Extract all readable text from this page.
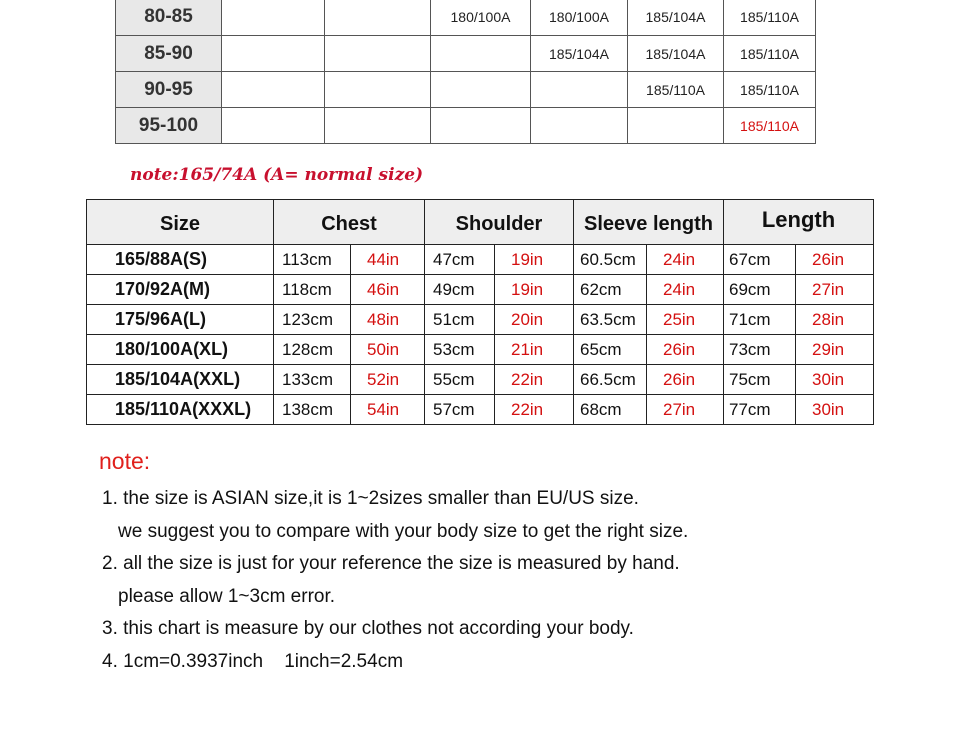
80-85			180/100A	180/100A	185/104A	185/110A
85-90				185/104A	185/104A	185/110A
90-95					185/110A	185/110A
95-100						185/110A
note:165/74A (A= normal size)
Size	Chest		Shoulder		Sleeve length		Length	
165/88A(S)	113cm	44in	47cm	19in	60.5cm	24in	67cm	26in
170/92A(M)	118cm	46in	49cm	19in	62cm	24in	69cm	27in
175/96A(L)	123cm	48in	51cm	20in	63.5cm	25in	71cm	28in
180/100A(XL)	128cm	50in	53cm	21in	65cm	26in	73cm	29in
185/104A(XXL)	133cm	52in	55cm	22in	66.5cm	26in	75cm	30in
185/110A(XXXL)	138cm	54in	57cm	22in	68cm	27in	77cm	30in
note:
1. the size is ASIAN size,it is 1~2sizes smaller than EU/US size.
we suggest you to compare with your body size to get the right size.
2. all the size is just for your reference the size is measured by hand.
please allow 1~3cm error.
3. this chart is measure by our clothes not according your body.
4. 1cm=0.3937inch    1inch=2.54cm
